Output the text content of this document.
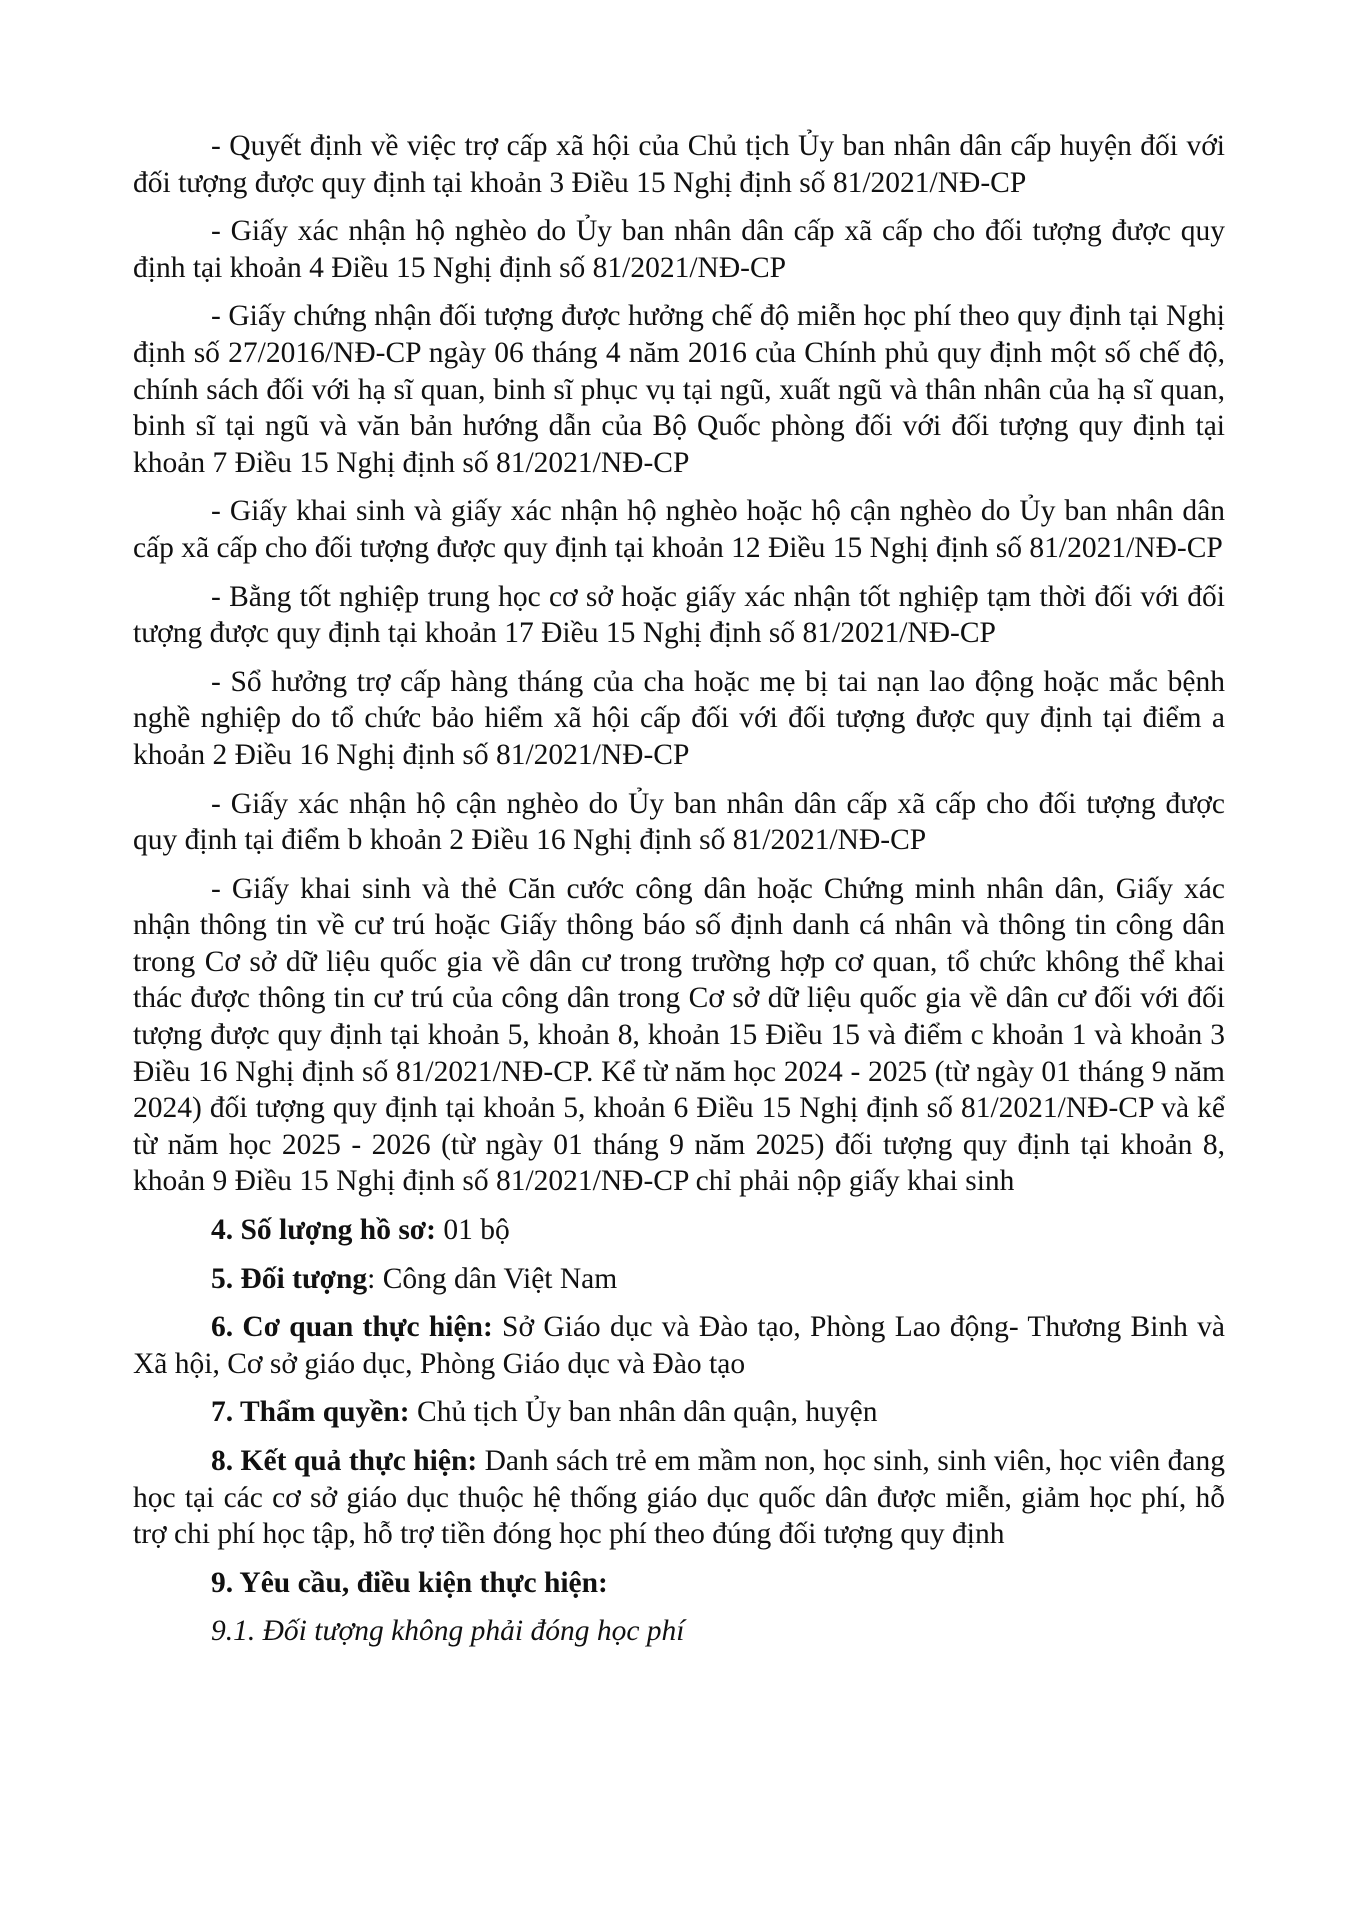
- Quyết định về việc trợ cấp xã hội của Chủ tịch Ủy ban nhân dân cấp huyện đối với đối tượng được quy định tại khoản 3 Điều 15 Nghị định số 81/2021/NĐ-CP

- Giấy xác nhận hộ nghèo do Ủy ban nhân dân cấp xã cấp cho đối tượng được quy định tại khoản 4 Điều 15 Nghị định số 81/2021/NĐ-CP

- Giấy chứng nhận đối tượng được hưởng chế độ miễn học phí theo quy định tại Nghị định số 27/2016/NĐ-CP ngày 06 tháng 4 năm 2016 của Chính phủ quy định một số chế độ, chính sách đối với hạ sĩ quan, binh sĩ phục vụ tại ngũ, xuất ngũ và thân nhân của hạ sĩ quan, binh sĩ tại ngũ và văn bản hướng dẫn của Bộ Quốc phòng đối với đối tượng quy định tại khoản 7 Điều 15 Nghị định số 81/2021/NĐ-CP

- Giấy khai sinh và giấy xác nhận hộ nghèo hoặc hộ cận nghèo do Ủy ban nhân dân cấp xã cấp cho đối tượng được quy định tại khoản 12 Điều 15 Nghị định số 81/2021/NĐ-CP

- Bằng tốt nghiệp trung học cơ sở hoặc giấy xác nhận tốt nghiệp tạm thời đối với đối tượng được quy định tại khoản 17 Điều 15 Nghị định số 81/2021/NĐ-CP

- Sổ hưởng trợ cấp hàng tháng của cha hoặc mẹ bị tai nạn lao động hoặc mắc bệnh nghề nghiệp do tổ chức bảo hiểm xã hội cấp đối với đối tượng được quy định tại điểm a khoản 2 Điều 16 Nghị định số 81/2021/NĐ-CP

- Giấy xác nhận hộ cận nghèo do Ủy ban nhân dân cấp xã cấp cho đối tượng được quy định tại điểm b khoản 2 Điều 16 Nghị định số 81/2021/NĐ-CP

- Giấy khai sinh và thẻ Căn cước công dân hoặc Chứng minh nhân dân, Giấy xác nhận thông tin về cư trú hoặc Giấy thông báo số định danh cá nhân và thông tin công dân trong Cơ sở dữ liệu quốc gia về dân cư trong trường hợp cơ quan, tổ chức không thể khai thác được thông tin cư trú của công dân trong Cơ sở dữ liệu quốc gia về dân cư đối với đối tượng được quy định tại khoản 5, khoản 8, khoản 15 Điều 15 và điểm c khoản 1 và khoản 3 Điều 16 Nghị định số 81/2021/NĐ-CP. Kể từ năm học 2024 - 2025 (từ ngày 01 tháng 9 năm 2024) đối tượng quy định tại khoản 5, khoản 6 Điều 15 Nghị định số 81/2021/NĐ-CP và kể từ năm học 2025 - 2026 (từ ngày 01 tháng 9 năm 2025) đối tượng quy định tại khoản 8, khoản 9 Điều 15 Nghị định số 81/2021/NĐ-CP chỉ phải nộp giấy khai sinh

4. Số lượng hồ sơ: 01 bộ

5. Đối tượng: Công dân Việt Nam

6. Cơ quan thực hiện: Sở Giáo dục và Đào tạo, Phòng Lao động- Thương Binh và Xã hội, Cơ sở giáo dục, Phòng Giáo dục và Đào tạo

7. Thẩm quyền: Chủ tịch Ủy ban nhân dân quận, huyện

8. Kết quả thực hiện: Danh sách trẻ em mầm non, học sinh, sinh viên, học viên đang học tại các cơ sở giáo dục thuộc hệ thống giáo dục quốc dân được miễn, giảm học phí, hỗ trợ chi phí học tập, hỗ trợ tiền đóng học phí theo đúng đối tượng quy định

9. Yêu cầu, điều kiện thực hiện:

9.1. Đối tượng không phải đóng học phí
